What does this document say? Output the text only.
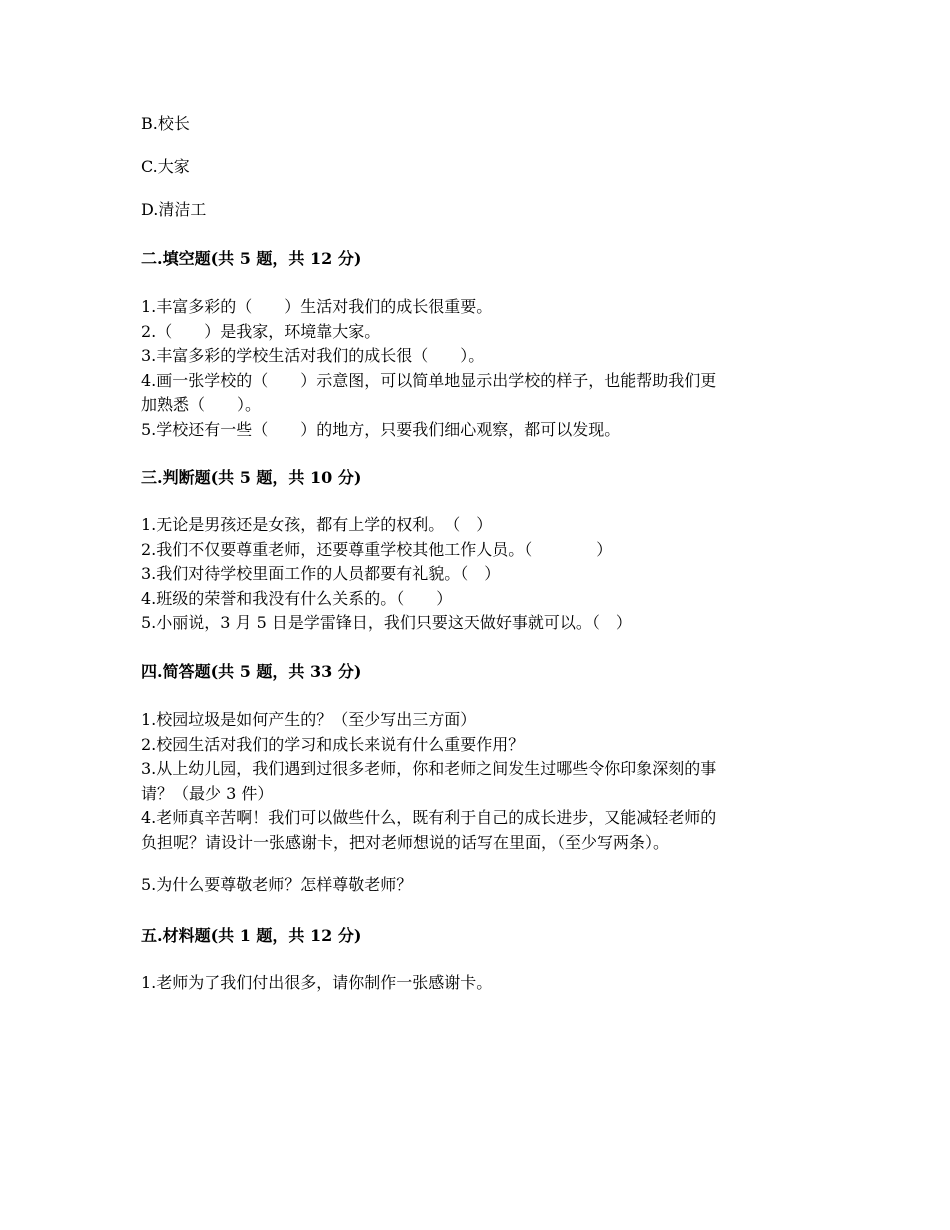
B.校长
C.大家
D.清洁工
二.填空题(共 5 题，共 12 分)
1.丰富多彩的（　　）生活对我们的成长很重要。
2.（　　）是我家，环境靠大家。
3.丰富多彩的学校生活对我们的成长很（　　）。
4.画一张学校的（　　）示意图，可以简单地显示出学校的样子，也能帮助我们更
加熟悉（　　）。
5.学校还有一些（　　）的地方，只要我们细心观察，都可以发现。
三.判断题(共 5 题，共 10 分)
1.无论是男孩还是女孩，都有上学的权利。　（　）
2.我们不仅要尊重老师，还要尊重学校其他工作人员。（　　　　）
3.我们对待学校里面工作的人员都要有礼貌。（　）
4.班级的荣誉和我没有什么关系的。（　　）
5.小丽说，3 月 5 日是学雷锋日，我们只要这天做好事就可以。（　）
四.简答题(共 5 题，共 33 分)
1.校园垃圾是如何产生的？（至少写出三方面）
2.校园生活对我们的学习和成长来说有什么重要作用？
3.从上幼儿园，我们遇到过很多老师，你和老师之间发生过哪些令你印象深刻的事
请？（最少 3 件）
4.老师真辛苦啊！我们可以做些什么，既有利于自己的成长进步，又能减轻老师的
负担呢？请设计一张感谢卡，把对老师想说的话写在里面，（至少写两条）。
5.为什么要尊敬老师？怎样尊敬老师？
五.材料题(共 1 题，共 12 分)
1.老师为了我们付出很多，请你制作一张感谢卡。
